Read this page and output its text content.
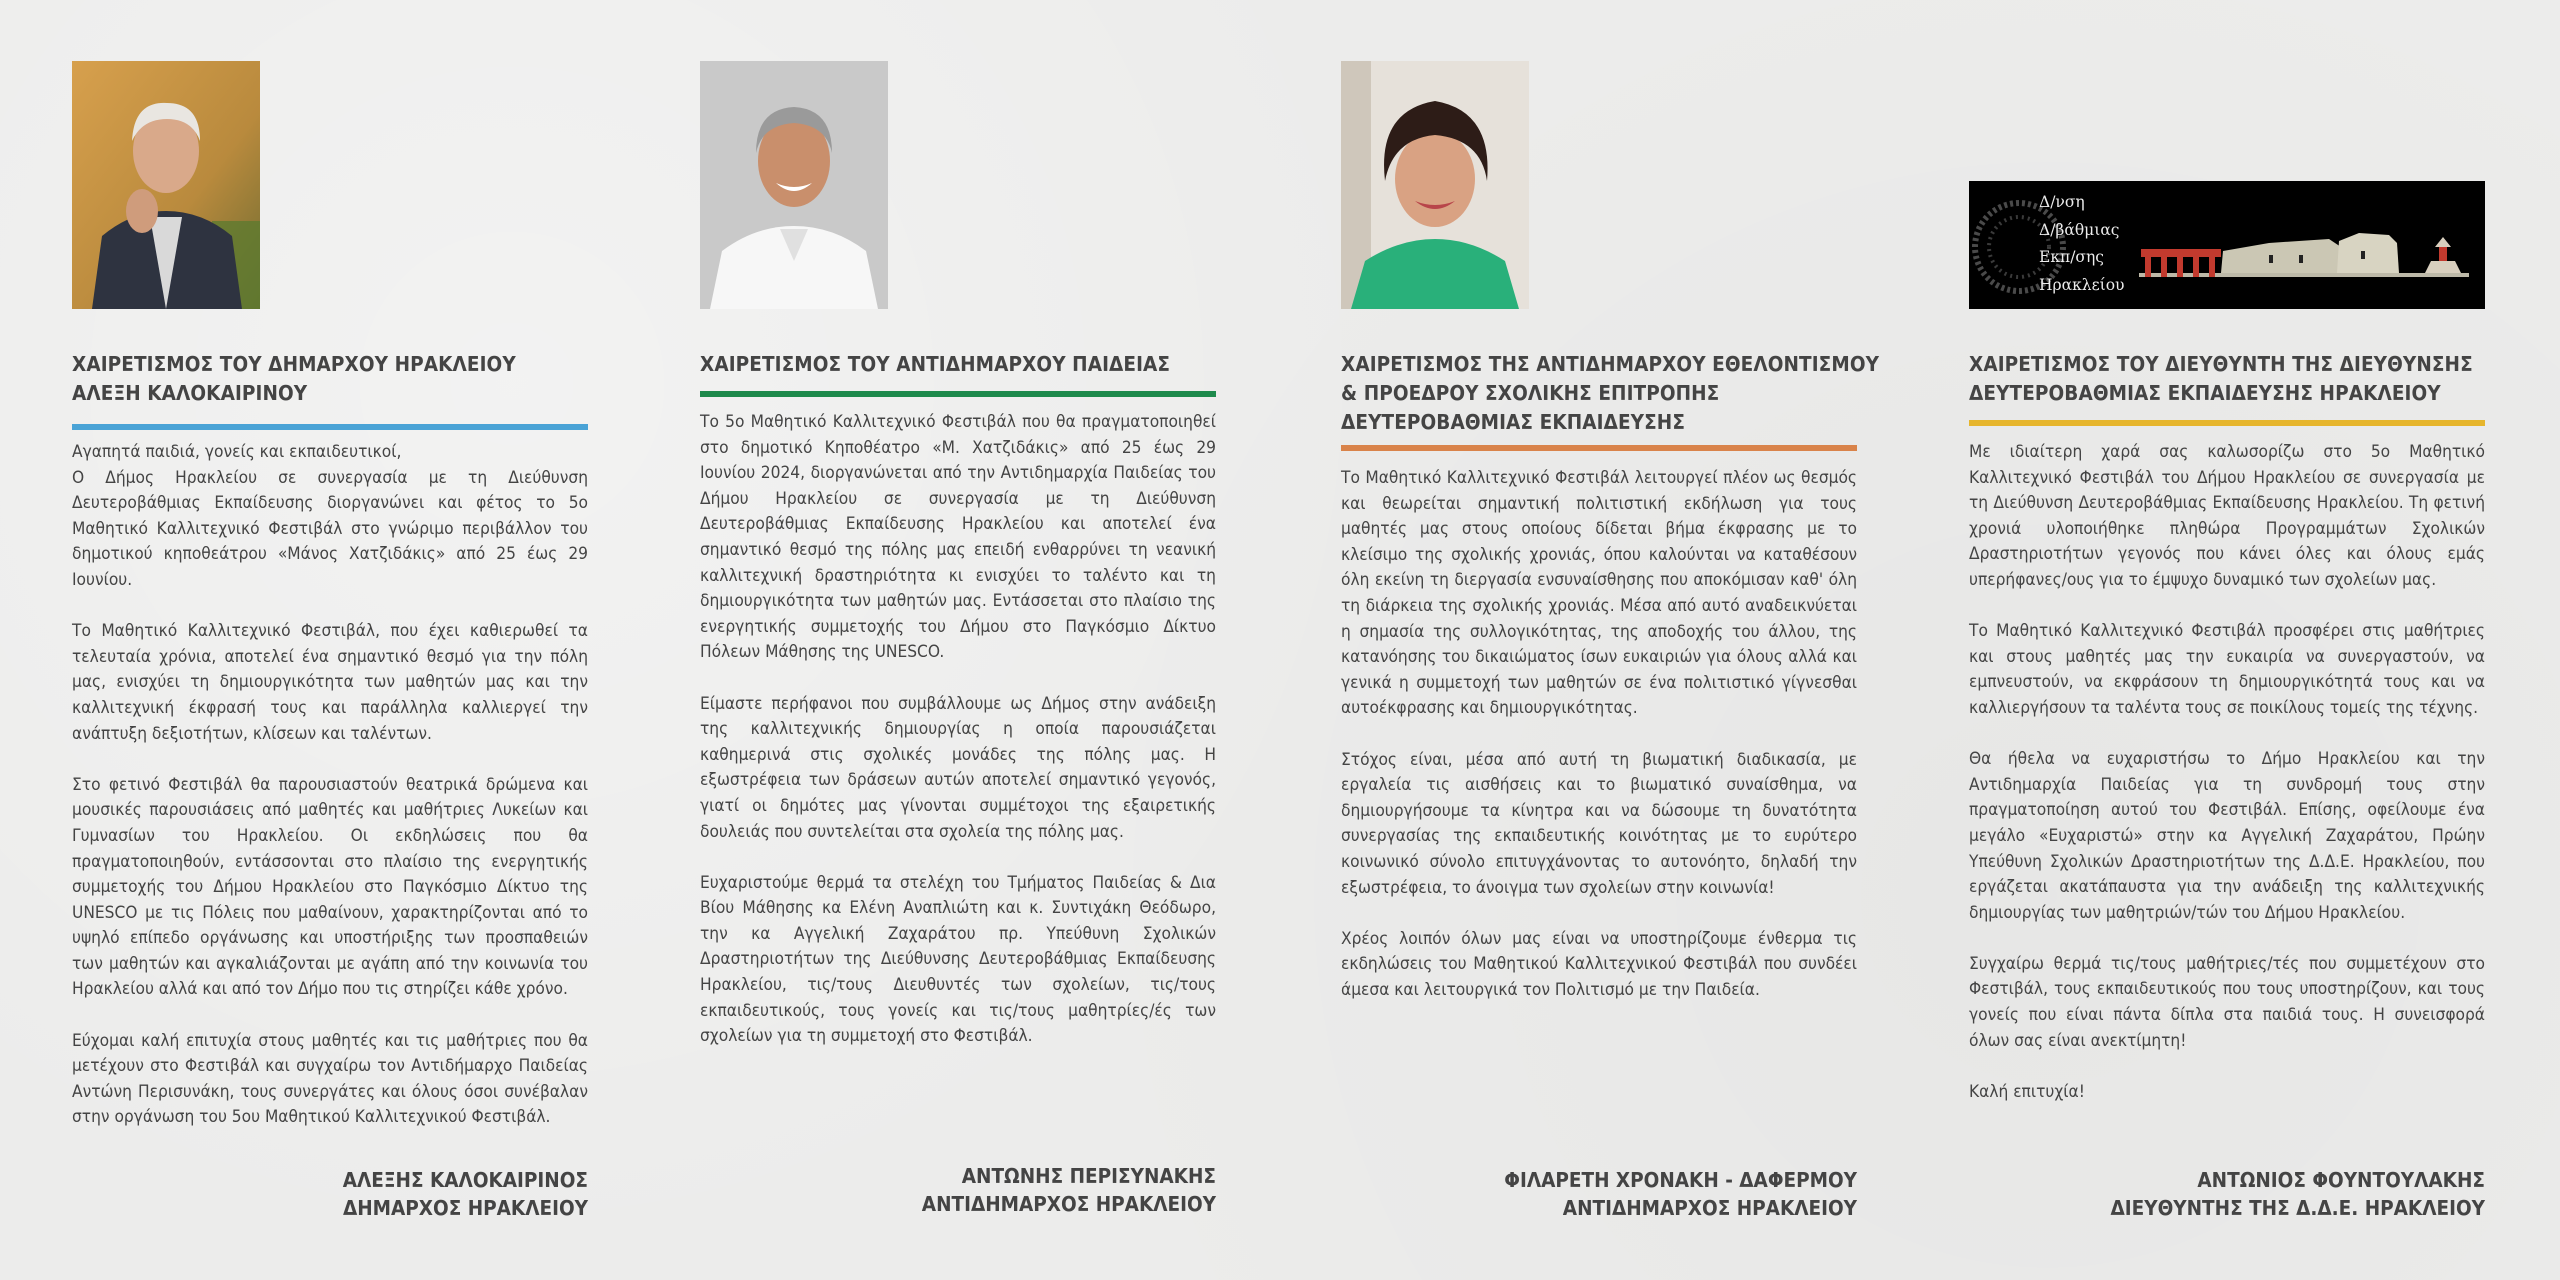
ΧΑΙΡΕΤΙΣΜΟΣ ΤΟΥ ΔΗΜΑΡΧΟΥ ΗΡΑΚΛΕΙΟΥ
ΑΛΕΞΗ ΚΑΛΟΚΑΙΡΙΝΟΥ

Αγαπητά παιδιά, γονείς και εκπαιδευτικοί,
Ο Δήμος Ηρακλείου σε συνεργασία με τη Διεύθυνση Δευτεροβάθμιας Εκπαίδευσης διοργανώνει και φέτος το 5ο Μαθητικό Καλλιτεχνικό Φεστιβάλ στο γνώριμο περιβάλλον του δημοτικού κηποθεάτρου «Μάνος Χατζιδάκις» από 25 έως 29 Ιουνίου.

Το Μαθητικό Καλλιτεχνικό Φεστιβάλ, που έχει καθιερωθεί τα τελευταία χρόνια, αποτελεί ένα σημαντικό θεσμό για την πόλη μας, ενισχύει τη δημιουργικότητα των μαθητών μας και την καλλιτεχνική έκφρασή τους και παράλληλα καλλιεργεί την ανάπτυξη δεξιοτήτων, κλίσεων και ταλέντων.

Στο φετινό Φεστιβάλ θα παρουσιαστούν θεατρικά δρώμενα και μουσικές παρουσιάσεις από μαθητές και μαθήτριες Λυκείων και Γυμνασίων του Ηρακλείου. Οι εκδηλώσεις που θα πραγματοποιηθούν, εντάσσονται στο πλαίσιο της ενεργητικής συμμετοχής του Δήμου Ηρακλείου στο Παγκόσμιο Δίκτυο της UNESCO με τις Πόλεις που μαθαίνουν, χαρακτηρίζονται από το υψηλό επίπεδο οργάνωσης και υποστήριξης των προσπαθειών των μαθητών και αγκαλιάζονται με αγάπη από την κοινωνία του Ηρακλείου αλλά και από τον Δήμο που τις στηρίζει κάθε χρόνο.

Εύχομαι καλή επιτυχία στους μαθητές και τις μαθήτριες που θα μετέχουν στο Φεστιβάλ και συγχαίρω τον Αντιδήμαρχο Παιδείας Αντώνη Περισυνάκη, τους συνεργάτες και όλους όσοι συνέβαλαν στην οργάνωση του 5ου Μαθητικού Καλλιτεχνικού Φεστιβάλ.

ΑΛΕΞΗΣ ΚΑΛΟΚΑΙΡΙΝΟΣ
ΔΗΜΑΡΧΟΣ ΗΡΑΚΛΕΙΟΥ
ΧΑΙΡΕΤΙΣΜΟΣ ΤΟΥ ΑΝΤΙΔΗΜΑΡΧΟΥ ΠΑΙΔΕΙΑΣ

Το 5ο Μαθητικό Καλλιτεχνικό Φεστιβάλ που θα πραγματοποιηθεί στο δημοτικό Κηποθέατρο «Μ. Χατζιδάκις» από 25 έως 29 Ιουνίου 2024, διοργανώνεται από την Αντιδημαρχία Παιδείας του Δήμου Ηρακλείου σε συνεργασία με τη Διεύθυνση Δευτεροβάθμιας Εκπαίδευσης Ηρακλείου και αποτελεί ένα σημαντικό θεσμό της πόλης μας επειδή ενθαρρύνει τη νεανική καλλιτεχνική δραστηριότητα κι ενισχύει το ταλέντο και τη δημιουργικότητα των μαθητών μας. Εντάσσεται στο πλαίσιο της ενεργητικής συμμετοχής του Δήμου στο Παγκόσμιο Δίκτυο Πόλεων Μάθησης της UNESCO.

Είμαστε περήφανοι που συμβάλλουμε ως Δήμος στην ανάδειξη της καλλιτεχνικής δημιουργίας η οποία παρουσιάζεται καθημερινά στις σχολικές μονάδες της πόλης μας. Η εξωστρέφεια των δράσεων αυτών αποτελεί σημαντικό γεγονός, γιατί οι δημότες μας γίνονται συμμέτοχοι της εξαιρετικής δουλειάς που συντελείται στα σχολεία της πόλης μας.

Ευχαριστούμε θερμά τα στελέχη του Τμήματος Παιδείας & Δια Βίου Μάθησης κα Ελένη Αναπλιώτη και κ. Συντιχάκη Θεόδωρο, την κα Αγγελική Ζαχαράτου πρ. Υπεύθυνη Σχολικών Δραστηριοτήτων της Διεύθυνσης Δευτεροβάθμιας Εκπαίδευσης Ηρακλείου, τις/τους Διευθυντές των σχολείων, τις/τους εκπαιδευτικούς, τους γονείς και τις/τους μαθητρίες/ές των σχολείων για τη συμμετοχή στο Φεστιβάλ.

ΑΝΤΩΝΗΣ ΠΕΡΙΣΥΝΑΚΗΣ
ΑΝΤΙΔΗΜΑΡΧΟΣ ΗΡΑΚΛΕΙΟΥ
ΧΑΙΡΕΤΙΣΜΟΣ ΤΗΣ ΑΝΤΙΔΗΜΑΡΧΟΥ ΕΘΕΛΟΝΤΙΣΜΟΥ
& ΠΡΟΕΔΡΟΥ ΣΧΟΛΙΚΗΣ ΕΠΙΤΡΟΠΗΣ
ΔΕΥΤΕΡΟΒΑΘΜΙΑΣ ΕΚΠΑΙΔΕΥΣΗΣ

Το Μαθητικό Καλλιτεχνικό Φεστιβάλ λειτουργεί πλέον ως θεσμός και θεωρείται σημαντική πολιτιστική εκδήλωση για τους μαθητές μας στους οποίους δίδεται βήμα έκφρασης με το κλείσιμο της σχολικής χρονιάς, όπου καλούνται να καταθέσουν όλη εκείνη τη διεργασία ενσυναίσθησης που αποκόμισαν καθ' όλη τη διάρκεια της σχολικής χρονιάς. Μέσα από αυτό αναδεικνύεται η σημασία της συλλογικότητας, της αποδοχής του άλλου, της κατανόησης του δικαιώματος ίσων ευκαιριών για όλους αλλά και γενικά η συμμετοχή των μαθητών σε ένα πολιτιστικό γίγνεσθαι αυτοέκφρασης και δημιουργικότητας.

Στόχος είναι, μέσα από αυτή τη βιωματική διαδικασία, με εργαλεία τις αισθήσεις και το βιωματικό συναίσθημα, να δημιουργήσουμε τα κίνητρα και να δώσουμε τη δυνατότητα συνεργασίας της εκπαιδευτικής κοινότητας με το ευρύτερο κοινωνικό σύνολο επιτυγχάνοντας το αυτονόητο, δηλαδή την εξωστρέφεια, το άνοιγμα των σχολείων στην κοινωνία!

Χρέος λοιπόν όλων μας είναι να υποστηρίζουμε ένθερμα τις εκδηλώσεις του Μαθητικού Καλλιτεχνικού Φεστιβάλ που συνδέει άμεσα και λειτουργικά τον Πολιτισμό με την Παιδεία.

ΦΙΛΑΡΕΤΗ ΧΡΟΝΑΚΗ - ΔΑΦΕΡΜΟΥ
ΑΝΤΙΔΗΜΑΡΧΟΣ ΗΡΑΚΛΕΙΟΥ
Δ/νση
Δ/βάθμιας
Εκπ/σης
Ηρακλείου
ΧΑΙΡΕΤΙΣΜΟΣ ΤΟΥ ΔΙΕΥΘΥΝΤΗ ΤΗΣ ΔΙΕΥΘΥΝΣΗΣ
ΔΕΥΤΕΡΟΒΑΘΜΙΑΣ ΕΚΠΑΙΔΕΥΣΗΣ ΗΡΑΚΛΕΙΟΥ

Με ιδιαίτερη χαρά σας καλωσορίζω στο 5ο Μαθητικό Καλλιτεχνικό Φεστιβάλ του Δήμου Ηρακλείου σε συνεργασία με τη Διεύθυνση Δευτεροβάθμιας Εκπαίδευσης Ηρακλείου. Τη φετινή χρονιά υλοποιήθηκε πληθώρα Προγραμμάτων Σχολικών Δραστηριοτήτων γεγονός που κάνει όλες και όλους εμάς υπερήφανες/ους για το έμψυχο δυναμικό των σχολείων μας.

Το Μαθητικό Καλλιτεχνικό Φεστιβάλ προσφέρει στις μαθήτριες και στους μαθητές μας την ευκαιρία να συνεργαστούν, να εμπνευστούν, να εκφράσουν τη δημιουργικότητά τους και να καλλιεργήσουν τα ταλέντα τους σε ποικίλους τομείς της τέχνης.

Θα ήθελα να ευχαριστήσω το Δήμο Ηρακλείου και την Αντιδημαρχία Παιδείας για τη συνδρομή τους στην πραγματοποίηση αυτού του Φεστιβάλ. Επίσης, οφείλουμε ένα μεγάλο «Ευχαριστώ» στην κα Αγγελική Ζαχαράτου, Πρώην Υπεύθυνη Σχολικών Δραστηριοτήτων της Δ.Δ.Ε. Ηρακλείου, που εργάζεται ακατάπαυστα για την ανάδειξη της καλλιτεχνικής δημιουργίας των μαθητριών/τών του Δήμου Ηρακλείου.

Συγχαίρω θερμά τις/τους μαθήτριες/τές που συμμετέχουν στο Φεστιβάλ, τους εκπαιδευτικούς που τους υποστηρίζουν, και τους γονείς που είναι πάντα δίπλα στα παιδιά τους. Η συνεισφορά όλων σας είναι ανεκτίμητη!

Καλή επιτυχία!

ΑΝΤΩΝΙΟΣ ΦΟΥΝΤΟΥΛΑΚΗΣ
ΔΙΕΥΘΥΝΤΗΣ ΤΗΣ Δ.Δ.Ε. ΗΡΑΚΛΕΙΟΥ
